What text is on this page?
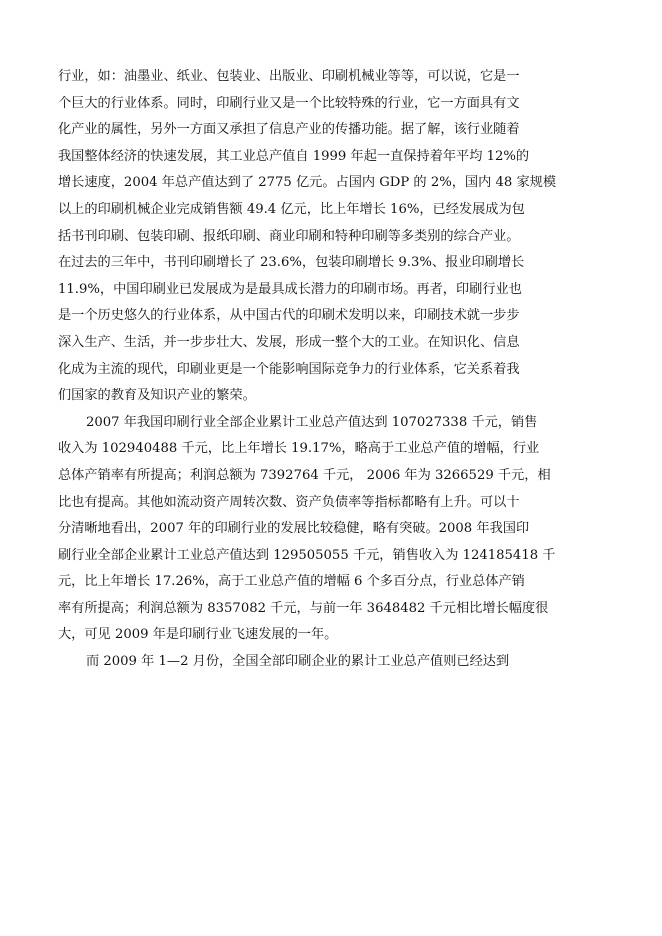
行业，如：油墨业、纸业、包装业、出版业、印刷机械业等等，可以说，它是一
个巨大的行业体系。同时，印刷行业又是一个比较特殊的行业，它一方面具有文
化产业的属性，另外一方面又承担了信息产业的传播功能。据了解，该行业随着
我国整体经济的快速发展，其工业总产值自 1999 年起一直保持着年平均 12%的
增长速度，2004 年总产值达到了 2775 亿元。占国内 GDP 的 2%，国内 48 家规模
以上的印刷机械企业完成销售额 49.4 亿元，比上年增长 16%，已经发展成为包
括书刊印刷、包装印刷、报纸印刷、商业印刷和特种印刷等多类别的综合产业。
在过去的三年中，书刊印刷增长了 23.6%，包装印刷增长 9.3%、报业印刷增长
11.9%，中国印刷业已发展成为是最具成长潜力的印刷市场。再者，印刷行业也
是一个历史悠久的行业体系，从中国古代的印刷术发明以来，印刷技术就一步步
深入生产、生活，并一步步壮大、发展，形成一整个大的工业。在知识化、信息
化成为主流的现代，印刷业更是一个能影响国际竞争力的行业体系，它关系着我
们国家的教育及知识产业的繁荣。
2007 年我国印刷行业全部企业累计工业总产值达到 107027338 千元，销售
收入为 102940488 千元，比上年增长 19.17%，略高于工业总产值的增幅，行业
总体产销率有所提高；利润总额为 7392764 千元， 2006 年为 3266529 千元，相
比也有提高。其他如流动资产周转次数、资产负债率等指标都略有上升。可以十
分清晰地看出，2007 年的印刷行业的发展比较稳健，略有突破。2008 年我国印
刷行业全部企业累计工业总产值达到 129505055 千元，销售收入为 124185418 千
元，比上年增长 17.26%，高于工业总产值的增幅 6 个多百分点，行业总体产销
率有所提高；利润总额为 8357082 千元，与前一年 3648482 千元相比增长幅度很
大，可见 2009 年是印刷行业飞速发展的一年。
而 2009 年 1—2 月份，全国全部印刷企业的累计工业总产值则已经达到
